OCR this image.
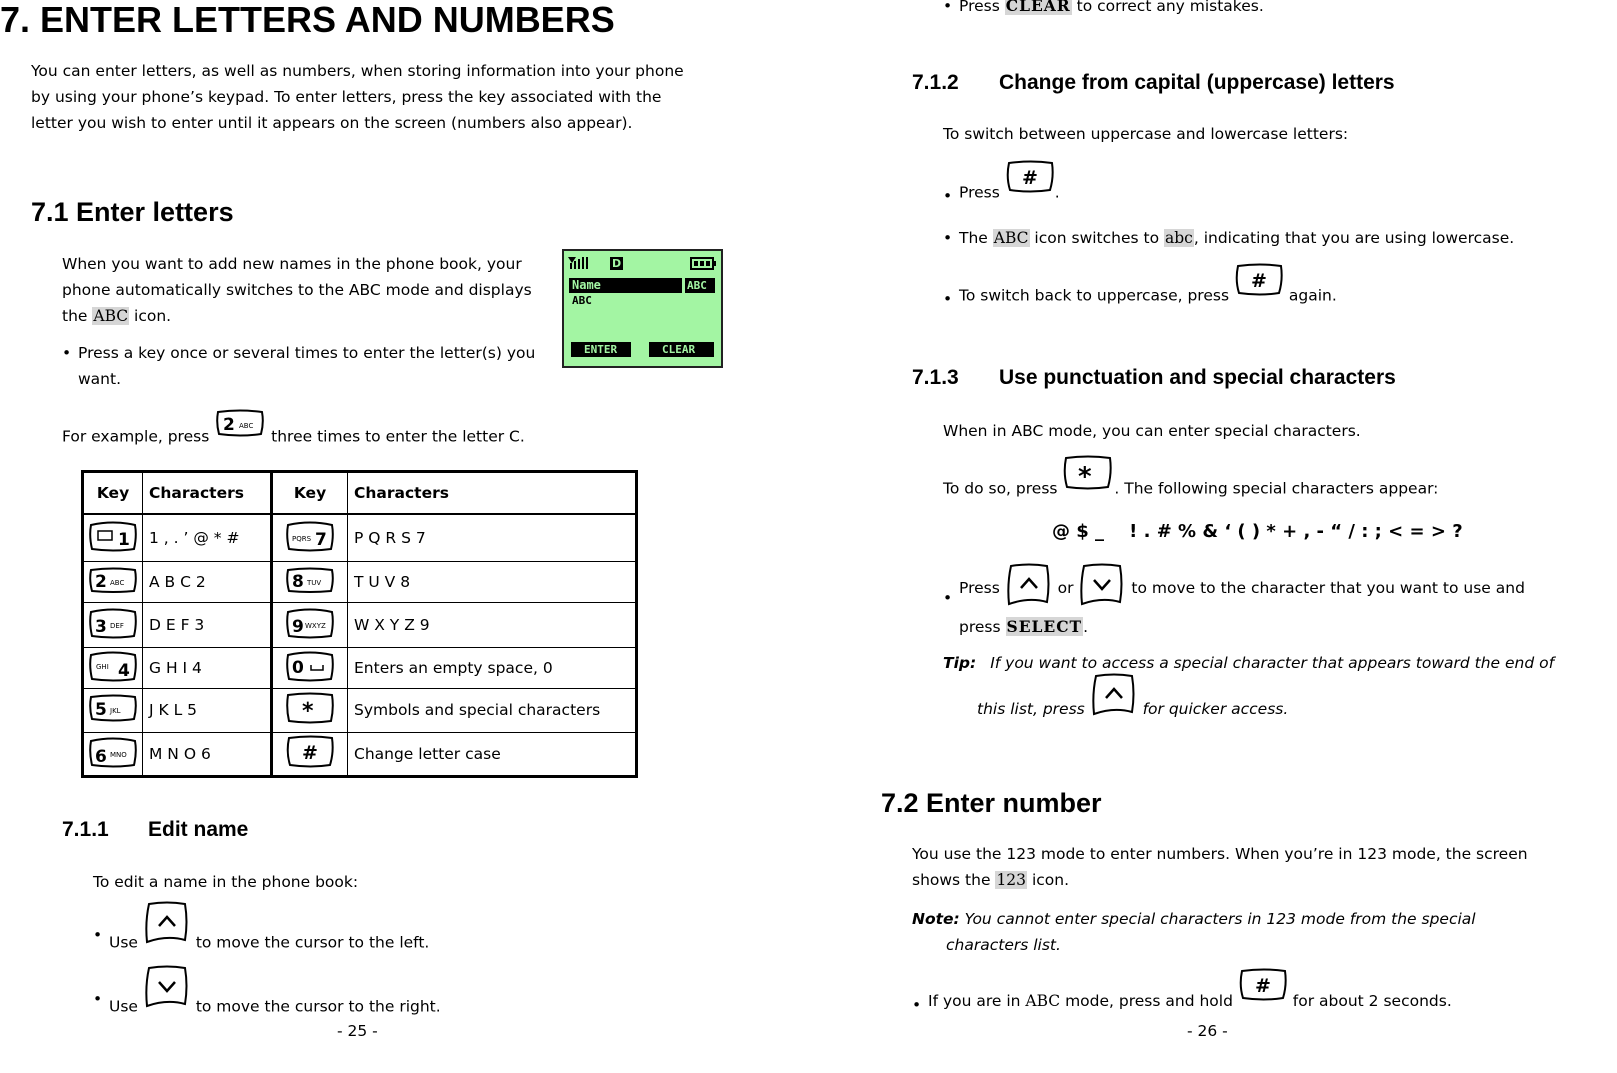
7. ENTER LETTERS AND NUMBERS
You can enter letters, as well as numbers, when storing information into your phone
by using your phone’s keypad. To enter letters, press the key associated with the
letter you wish to enter until it appears on the screen (numbers also appear).
7.1 Enter letters
When you want to add new names in the phone book, your
phone automatically switches to the ABC mode and displays
the ABC icon.
• Press a key once or several times to enter the letter(s) you
want.
D
Name	ABC
ABC
ENTER	CLEAR
For example, press
2 ABC
three times to enter the letter C.
Key	Characters	Key	Characters

1	1 , . ’ @ * #	PQRS 7	P Q R S 7

2 ABC	A B C 2	8 TUV	T U V 8

3 DEF	D E F 3	9 WXYZ	W X Y Z 9

GHI 4	G H I 4	0	Enters an empty space, 0

5 JKL	J K L 5	*	Symbols and special characters

6 MNO	M N O 6	#	Change letter case
7.1.1 Edit name
To edit a name in the phone book:
• Use	to move the cursor to the left.
• Use	to move the cursor to the right.
- 25 -
• Press CLEAR to correct any mistakes.
7.1.2 Change from capital (uppercase) letters
To switch between uppercase and lowercase letters:
• Press
#
.
• The ABC icon switches to abc, indicating that you are using lowercase.
• To switch back to uppercase, press
#
again.
7.1.3 Use punctuation and special characters
When in ABC mode, you can enter special characters.
To do so, press * . The following special characters appear:
@ $ _    ! . # % & ‘ ( ) * + , - “ / : ; < = > ?
•
Press	or	to move to the character that you want to use and
press SELECT.
Tip: If you want to access a special character that appears toward the end of
this list, press	for quicker access.
7.2 Enter number
You use the 123 mode to enter numbers. When you’re in 123 mode, the screen
shows the 123 icon.
Note: You cannot enter special characters in 123 mode from the special
characters list.
• If you are in ABC mode, press and hold
#
for about 2 seconds.
- 26 -
